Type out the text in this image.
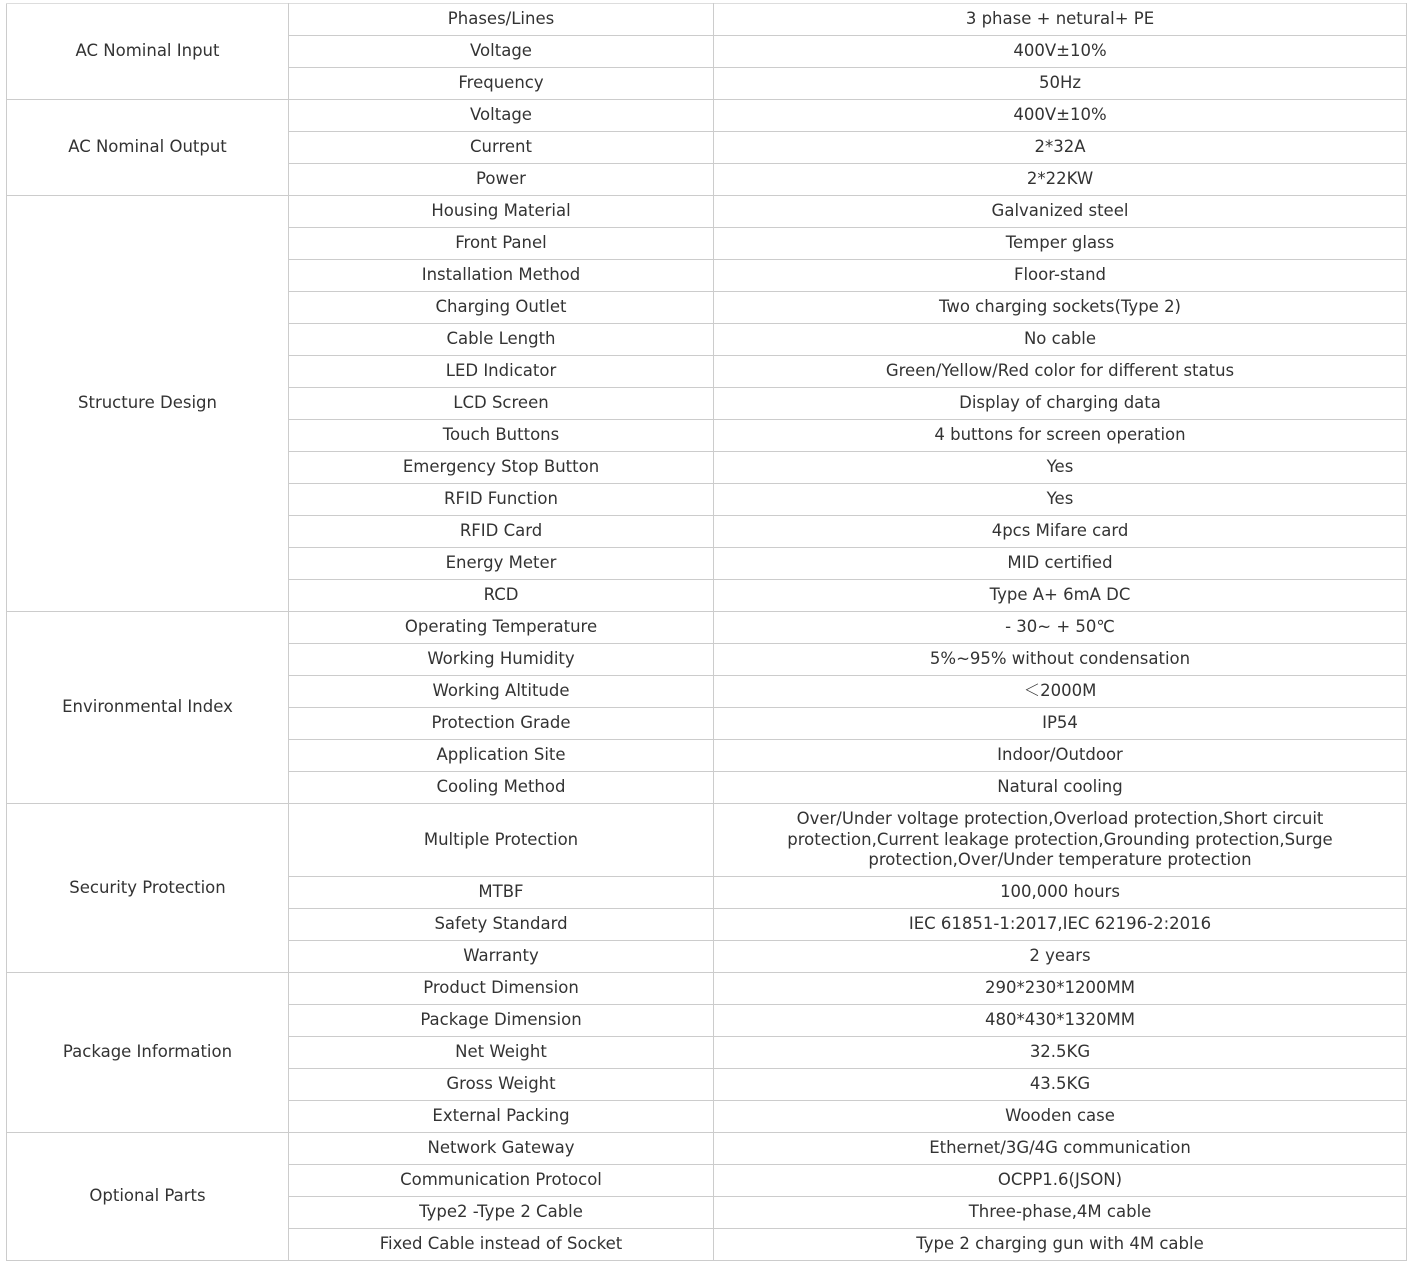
AC Nominal Input	Phases/Lines	3 phase + netural+ PE
	Voltage	400V±10%
	Frequency	50Hz
AC Nominal Output	Voltage	400V±10%
	Current	2*32A
	Power	2*22KW
Structure Design	Housing Material	Galvanized steel
	Front Panel	Temper glass
	Installation Method	Floor-stand
	Charging Outlet	Two charging sockets(Type 2)
	Cable Length	No cable
	LED Indicator	Green/Yellow/Red color for different status
	LCD Screen	Display of charging data
	Touch Buttons	4 buttons for screen operation
	Emergency Stop Button	Yes
	RFID Function	Yes
	RFID Card	4pcs Mifare card
	Energy Meter	MID certified
	RCD	Type A+ 6mA DC
Environmental Index	Operating Temperature	- 30~ + 50℃
	Working Humidity	5%~95% without condensation
	Working Altitude	＜2000M
	Protection Grade	IP54
	Application Site	Indoor/Outdoor
	Cooling Method	Natural cooling
Security Protection	Multiple Protection	Over/Under voltage protection,Overload protection,Short circuit protection,Current leakage protection,Grounding protection,Surge protection,Over/Under temperature protection
	MTBF	100,000 hours
	Safety Standard	IEC 61851-1:2017,IEC 62196-2:2016
	Warranty	2 years
Package Information	Product Dimension	290*230*1200MM
	Package Dimension	480*430*1320MM
	Net Weight	32.5KG
	Gross Weight	43.5KG
	External Packing	Wooden case
Optional Parts	Network Gateway	Ethernet/3G/4G communication
	Communication Protocol	OCPP1.6(JSON)
	Type2 -Type 2 Cable	Three-phase,4M cable
	Fixed Cable instead of Socket	Type 2 charging gun with 4M cable
